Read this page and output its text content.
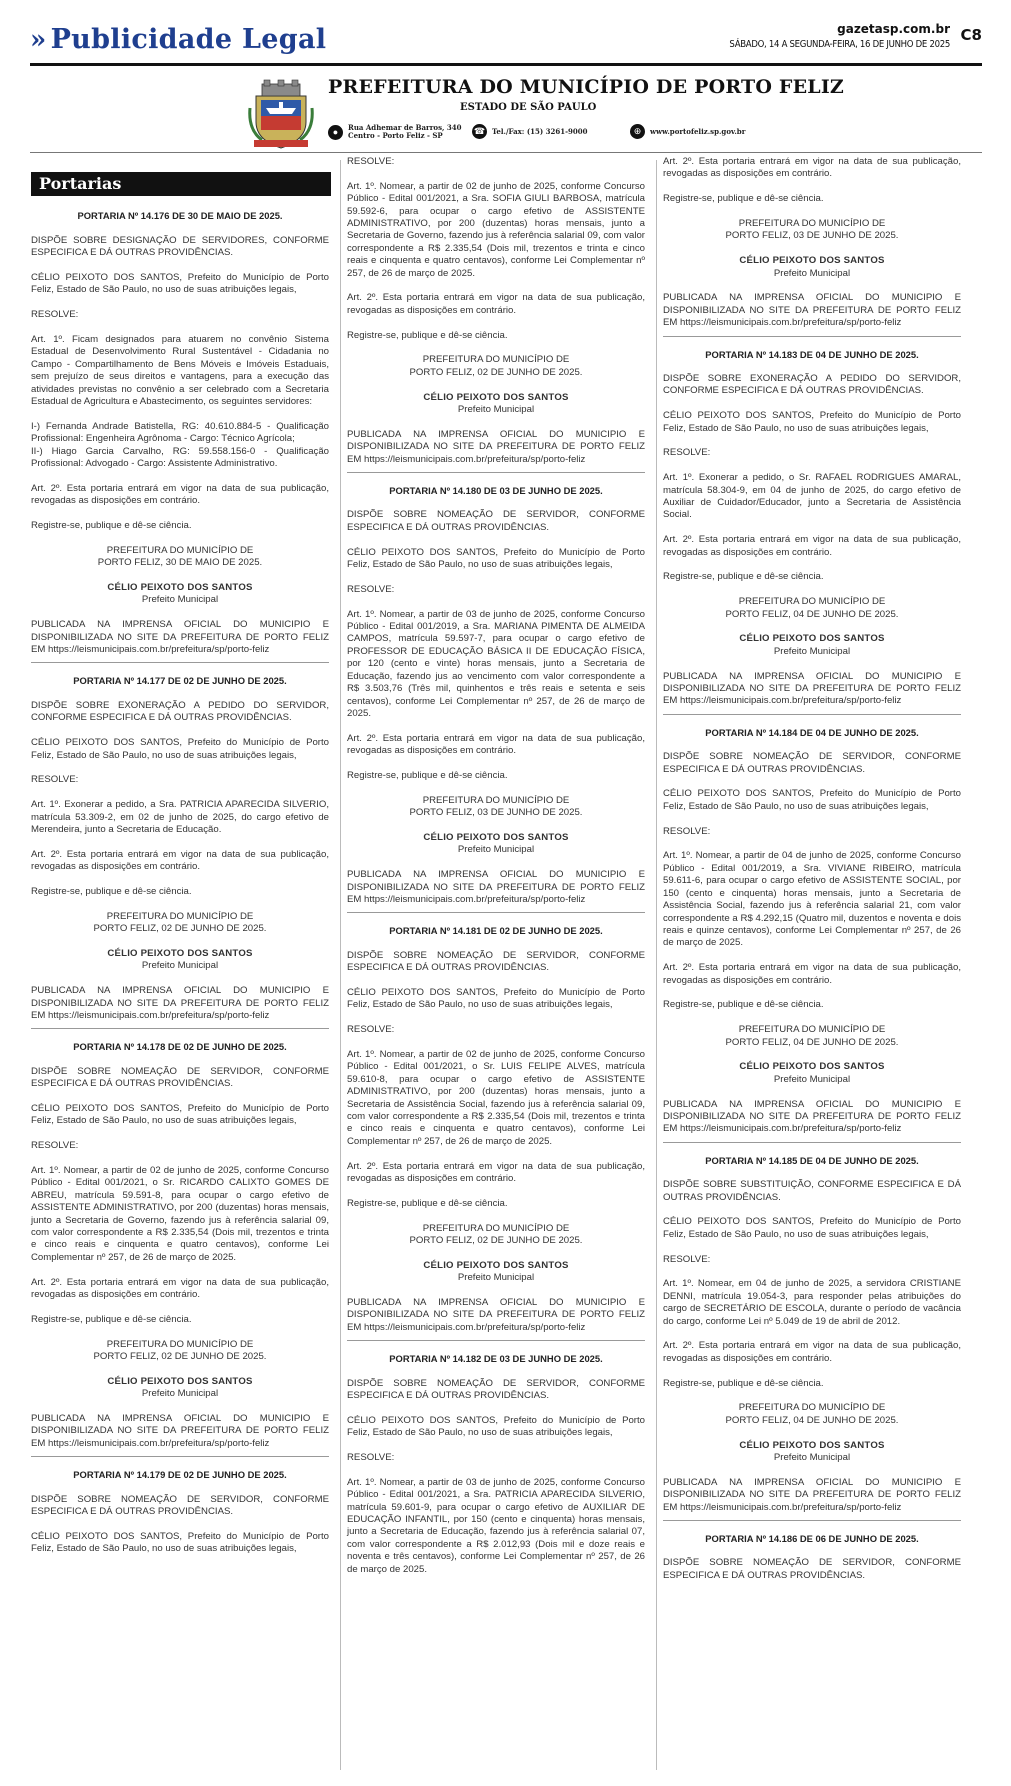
» Publicidade Legal	gazetasp.com.br
SÁBADO, 14 A SEGUNDA-FEIRA, 16 DE JUNHO DE 2025
C8
PREFEITURA DO MUNICÍPIO DE PORTO FELIZ
ESTADO DE SÃO PAULO
●	Rua Adhemar de Barros, 340
Centro - Porto Feliz - SP	☎ Tel./Fax: (15) 3261-9000	⊕	www.portofeliz.sp.gov.br
Portarias
PORTARIA Nº 14.176 DE 30 DE MAIO DE 2025.
DISPÕE SOBRE DESIGNAÇÃO DE SERVIDORES, CONFORME ESPECIFICA E DÁ OUTRAS PROVIDÊNCIAS.
CÉLIO PEIXOTO DOS SANTOS, Prefeito do Município de Porto Feliz, Estado de São Paulo, no uso de suas atribuições legais,
RESOLVE:
Art. 1º. Ficam designados para atuarem no convênio Sistema Estadual de Desenvolvimento Rural Sustentável - Cidadania no Campo - Compartilhamento de Bens Móveis e Imóveis Estaduais, sem prejuízo de seus direitos e vantagens, para a execução das atividades previstas no convênio a ser celebrado com a Secretaria Estadual de Agricultura e Abastecimento, os seguintes servidores:
I-) Fernanda Andrade Batistella, RG: 40.610.884-5 - Qualificação Profissional: Engenheira Agrônoma - Cargo: Técnico Agrícola;
II-) Hiago Garcia Carvalho, RG: 59.558.156-0 - Qualificação Profissional: Advogado - Cargo: Assistente Administrativo.
Art. 2º. Esta portaria entrará em vigor na data de sua publicação, revogadas as disposições em contrário.
Registre-se, publique e dê-se ciência.
PREFEITURA DO MUNICÍPIO DE
PORTO FELIZ, 30 DE MAIO DE 2025.
CÉLIO PEIXOTO DOS SANTOS
Prefeito Municipal
PUBLICADA NA IMPRENSA OFICIAL DO MUNICIPIO E DISPONIBILIZADA NO SITE DA PREFEITURA DE PORTO FELIZ EM https://leismunicipais.com.br/prefeitura/sp/porto-feliz
PORTARIA Nº 14.177 DE 02 DE JUNHO DE 2025.
DISPÕE SOBRE EXONERAÇÃO A PEDIDO DO SERVIDOR, CONFORME ESPECIFICA E DÁ OUTRAS PROVIDÊNCIAS.
CÉLIO PEIXOTO DOS SANTOS, Prefeito do Município de Porto Feliz, Estado de São Paulo, no uso de suas atribuições legais,
RESOLVE:
Art. 1º. Exonerar a pedido, a Sra. PATRICIA APARECIDA SILVERIO, matrícula 53.309-2, em 02 de junho de 2025, do cargo efetivo de Merendeira, junto a Secretaria de Educação.
Art. 2º. Esta portaria entrará em vigor na data de sua publicação, revogadas as disposições em contrário.
Registre-se, publique e dê-se ciência.
PREFEITURA DO MUNICÍPIO DE
PORTO FELIZ, 02 DE JUNHO DE 2025.
CÉLIO PEIXOTO DOS SANTOS
Prefeito Municipal
PUBLICADA NA IMPRENSA OFICIAL DO MUNICIPIO E DISPONIBILIZADA NO SITE DA PREFEITURA DE PORTO FELIZ EM https://leismunicipais.com.br/prefeitura/sp/porto-feliz
PORTARIA Nº 14.178 DE 02 DE JUNHO DE 2025.
DISPÕE SOBRE NOMEAÇÃO DE SERVIDOR, CONFORME ESPECIFICA E DÁ OUTRAS PROVIDÊNCIAS.
CÉLIO PEIXOTO DOS SANTOS, Prefeito do Município de Porto Feliz, Estado de São Paulo, no uso de suas atribuições legais,
RESOLVE:
Art. 1º. Nomear, a partir de 02 de junho de 2025, conforme Concurso Público - Edital 001/2021, o Sr. RICARDO CALIXTO GOMES DE ABREU, matrícula 59.591-8, para ocupar o cargo efetivo de ASSISTENTE ADMINISTRATIVO, por 200 (duzentas) horas mensais, junto a Secretaria de Governo, fazendo jus à referência salarial 09, com valor correspondente a R$ 2.335,54 (Dois mil, trezentos e trinta e cinco reais e cinquenta e quatro centavos), conforme Lei Complementar nº 257, de 26 de março de 2025.
Art. 2º. Esta portaria entrará em vigor na data de sua publicação, revogadas as disposições em contrário.
Registre-se, publique e dê-se ciência.
PREFEITURA DO MUNICÍPIO DE
PORTO FELIZ, 02 DE JUNHO DE 2025.
CÉLIO PEIXOTO DOS SANTOS
Prefeito Municipal
PUBLICADA NA IMPRENSA OFICIAL DO MUNICIPIO E DISPONIBILIZADA NO SITE DA PREFEITURA DE PORTO FELIZ EM https://leismunicipais.com.br/prefeitura/sp/porto-feliz
PORTARIA Nº 14.179 DE 02 DE JUNHO DE 2025.
DISPÕE SOBRE NOMEAÇÃO DE SERVIDOR, CONFORME ESPECIFICA E DÁ OUTRAS PROVIDÊNCIAS.
CÉLIO PEIXOTO DOS SANTOS, Prefeito do Município de Porto Feliz, Estado de São Paulo, no uso de suas atribuições legais,
RESOLVE:
Art. 1º. Nomear, a partir de 02 de junho de 2025, conforme Concurso Público - Edital 001/2021, a Sra. SOFIA GIULI BARBOSA, matrícula 59.592-6, para ocupar o cargo efetivo de ASSISTENTE ADMINISTRATIVO, por 200 (duzentas) horas mensais, junto a Secretaria de Governo, fazendo jus à referência salarial 09, com valor correspondente a R$ 2.335,54 (Dois mil, trezentos e trinta e cinco reais e cinquenta e quatro centavos), conforme Lei Complementar nº 257, de 26 de março de 2025.
Art. 2º. Esta portaria entrará em vigor na data de sua publicação, revogadas as disposições em contrário.
Registre-se, publique e dê-se ciência.
PREFEITURA DO MUNICÍPIO DE
PORTO FELIZ, 02 DE JUNHO DE 2025.
CÉLIO PEIXOTO DOS SANTOS
Prefeito Municipal
PUBLICADA NA IMPRENSA OFICIAL DO MUNICIPIO E DISPONIBILIZADA NO SITE DA PREFEITURA DE PORTO FELIZ EM https://leismunicipais.com.br/prefeitura/sp/porto-feliz
PORTARIA Nº 14.180 DE 03 DE JUNHO DE 2025.
DISPÕE SOBRE NOMEAÇÃO DE SERVIDOR, CONFORME ESPECIFICA E DÁ OUTRAS PROVIDÊNCIAS.
CÉLIO PEIXOTO DOS SANTOS, Prefeito do Município de Porto Feliz, Estado de São Paulo, no uso de suas atribuições legais,
RESOLVE:
Art. 1º. Nomear, a partir de 03 de junho de 2025, conforme Concurso Público - Edital 001/2019, a Sra. MARIANA PIMENTA DE ALMEIDA CAMPOS, matrícula 59.597-7, para ocupar o cargo efetivo de PROFESSOR DE EDUCAÇÃO BÁSICA II DE EDUCAÇÃO FÍSICA, por 120 (cento e vinte) horas mensais, junto a Secretaria de Educação, fazendo jus ao vencimento com valor correspondente a R$ 3.503,76 (Três mil, quinhentos e três reais e setenta e seis centavos), conforme Lei Complementar nº 257, de 26 de março de 2025.
Art. 2º. Esta portaria entrará em vigor na data de sua publicação, revogadas as disposições em contrário.
Registre-se, publique e dê-se ciência.
PREFEITURA DO MUNICÍPIO DE
PORTO FELIZ, 03 DE JUNHO DE 2025.
CÉLIO PEIXOTO DOS SANTOS
Prefeito Municipal
PUBLICADA NA IMPRENSA OFICIAL DO MUNICIPIO E DISPONIBILIZADA NO SITE DA PREFEITURA DE PORTO FELIZ EM https://leismunicipais.com.br/prefeitura/sp/porto-feliz
PORTARIA Nº 14.181 DE 02 DE JUNHO DE 2025.
DISPÕE SOBRE NOMEAÇÃO DE SERVIDOR, CONFORME ESPECIFICA E DÁ OUTRAS PROVIDÊNCIAS.
CÉLIO PEIXOTO DOS SANTOS, Prefeito do Município de Porto Feliz, Estado de São Paulo, no uso de suas atribuições legais,
RESOLVE:
Art. 1º. Nomear, a partir de 02 de junho de 2025, conforme Concurso Público - Edital 001/2021, o Sr. LUIS FELIPE ALVES, matrícula 59.610-8, para ocupar o cargo efetivo de ASSISTENTE ADMINISTRATIVO, por 200 (duzentas) horas mensais, junto a Secretaria de Assistência Social, fazendo jus à referência salarial 09, com valor correspondente a R$ 2.335,54 (Dois mil, trezentos e trinta e cinco reais e cinquenta e quatro centavos), conforme Lei Complementar nº 257, de 26 de março de 2025.
Art. 2º. Esta portaria entrará em vigor na data de sua publicação, revogadas as disposições em contrário.
Registre-se, publique e dê-se ciência.
PREFEITURA DO MUNICÍPIO DE
PORTO FELIZ, 02 DE JUNHO DE 2025.
CÉLIO PEIXOTO DOS SANTOS
Prefeito Municipal
PUBLICADA NA IMPRENSA OFICIAL DO MUNICIPIO E DISPONIBILIZADA NO SITE DA PREFEITURA DE PORTO FELIZ EM https://leismunicipais.com.br/prefeitura/sp/porto-feliz
PORTARIA Nº 14.182 DE 03 DE JUNHO DE 2025.
DISPÕE SOBRE NOMEAÇÃO DE SERVIDOR, CONFORME ESPECIFICA E DÁ OUTRAS PROVIDÊNCIAS.
CÉLIO PEIXOTO DOS SANTOS, Prefeito do Município de Porto Feliz, Estado de São Paulo, no uso de suas atribuições legais,
RESOLVE:
Art. 1º. Nomear, a partir de 03 de junho de 2025, conforme Concurso Público - Edital 001/2021, a Sra. PATRICIA APARECIDA SILVERIO, matrícula 59.601-9, para ocupar o cargo efetivo de AUXILIAR DE EDUCAÇÃO INFANTIL, por 150 (cento e cinquenta) horas mensais, junto a Secretaria de Educação, fazendo jus à referência salarial 07, com valor correspondente a R$ 2.012,93 (Dois mil e doze reais e noventa e três centavos), conforme Lei Complementar nº 257, de 26 de março de 2025.
Art. 2º. Esta portaria entrará em vigor na data de sua publicação, revogadas as disposições em contrário.
Registre-se, publique e dê-se ciência.
PREFEITURA DO MUNICÍPIO DE
PORTO FELIZ, 03 DE JUNHO DE 2025.
CÉLIO PEIXOTO DOS SANTOS
Prefeito Municipal
PUBLICADA NA IMPRENSA OFICIAL DO MUNICIPIO E DISPONIBILIZADA NO SITE DA PREFEITURA DE PORTO FELIZ EM https://leismunicipais.com.br/prefeitura/sp/porto-feliz
PORTARIA Nº 14.183 DE 04 DE JUNHO DE 2025.
DISPÕE SOBRE EXONERAÇÃO A PEDIDO DO SERVIDOR, CONFORME ESPECIFICA E DÁ OUTRAS PROVIDÊNCIAS.
CÉLIO PEIXOTO DOS SANTOS, Prefeito do Município de Porto Feliz, Estado de São Paulo, no uso de suas atribuições legais,
RESOLVE:
Art. 1º. Exonerar a pedido, o Sr. RAFAEL RODRIGUES AMARAL, matrícula 58.304-9, em 04 de junho de 2025, do cargo efetivo de Auxiliar de Cuidador/Educador, junto a Secretaria de Assistência Social.
Art. 2º. Esta portaria entrará em vigor na data de sua publicação, revogadas as disposições em contrário.
Registre-se, publique e dê-se ciência.
PREFEITURA DO MUNICÍPIO DE
PORTO FELIZ, 04 DE JUNHO DE 2025.
CÉLIO PEIXOTO DOS SANTOS
Prefeito Municipal
PUBLICADA NA IMPRENSA OFICIAL DO MUNICIPIO E DISPONIBILIZADA NO SITE DA PREFEITURA DE PORTO FELIZ EM https://leismunicipais.com.br/prefeitura/sp/porto-feliz
PORTARIA Nº 14.184 DE 04 DE JUNHO DE 2025.
DISPÕE SOBRE NOMEAÇÃO DE SERVIDOR, CONFORME ESPECIFICA E DÁ OUTRAS PROVIDÊNCIAS.
CÉLIO PEIXOTO DOS SANTOS, Prefeito do Município de Porto Feliz, Estado de São Paulo, no uso de suas atribuições legais,
RESOLVE:
Art. 1º. Nomear, a partir de 04 de junho de 2025, conforme Concurso Público - Edital 001/2019, a Sra. VIVIANE RIBEIRO, matrícula 59.611-6, para ocupar o cargo efetivo de ASSISTENTE SOCIAL, por 150 (cento e cinquenta) horas mensais, junto a Secretaria de Assistência Social, fazendo jus à referência salarial 21, com valor correspondente a R$ 4.292,15 (Quatro mil, duzentos e noventa e dois reais e quinze centavos), conforme Lei Complementar nº 257, de 26 de março de 2025.
Art. 2º. Esta portaria entrará em vigor na data de sua publicação, revogadas as disposições em contrário.
Registre-se, publique e dê-se ciência.
PREFEITURA DO MUNICÍPIO DE
PORTO FELIZ, 04 DE JUNHO DE 2025.
CÉLIO PEIXOTO DOS SANTOS
Prefeito Municipal
PUBLICADA NA IMPRENSA OFICIAL DO MUNICIPIO E DISPONIBILIZADA NO SITE DA PREFEITURA DE PORTO FELIZ EM https://leismunicipais.com.br/prefeitura/sp/porto-feliz
PORTARIA Nº 14.185 DE 04 DE JUNHO DE 2025.
DISPÕE SOBRE SUBSTITUIÇÃO, CONFORME ESPECIFICA E DÁ OUTRAS PROVIDÊNCIAS.
CÉLIO PEIXOTO DOS SANTOS, Prefeito do Município de Porto Feliz, Estado de São Paulo, no uso de suas atribuições legais,
RESOLVE:
Art. 1º. Nomear, em 04 de junho de 2025, a servidora CRISTIANE DENNI, matrícula 19.054-3, para responder pelas atribuições do cargo de SECRETÁRIO DE ESCOLA, durante o período de vacância do cargo, conforme Lei nº 5.049 de 19 de abril de 2012.
Art. 2º. Esta portaria entrará em vigor na data de sua publicação, revogadas as disposições em contrário.
Registre-se, publique e dê-se ciência.
PREFEITURA DO MUNICÍPIO DE
PORTO FELIZ, 04 DE JUNHO DE 2025.
CÉLIO PEIXOTO DOS SANTOS
Prefeito Municipal
PUBLICADA NA IMPRENSA OFICIAL DO MUNICIPIO E DISPONIBILIZADA NO SITE DA PREFEITURA DE PORTO FELIZ EM https://leismunicipais.com.br/prefeitura/sp/porto-feliz
PORTARIA Nº 14.186 DE 06 DE JUNHO DE 2025.
DISPÕE SOBRE NOMEAÇÃO DE SERVIDOR, CONFORME ESPECIFICA E DÁ OUTRAS PROVIDÊNCIAS.
